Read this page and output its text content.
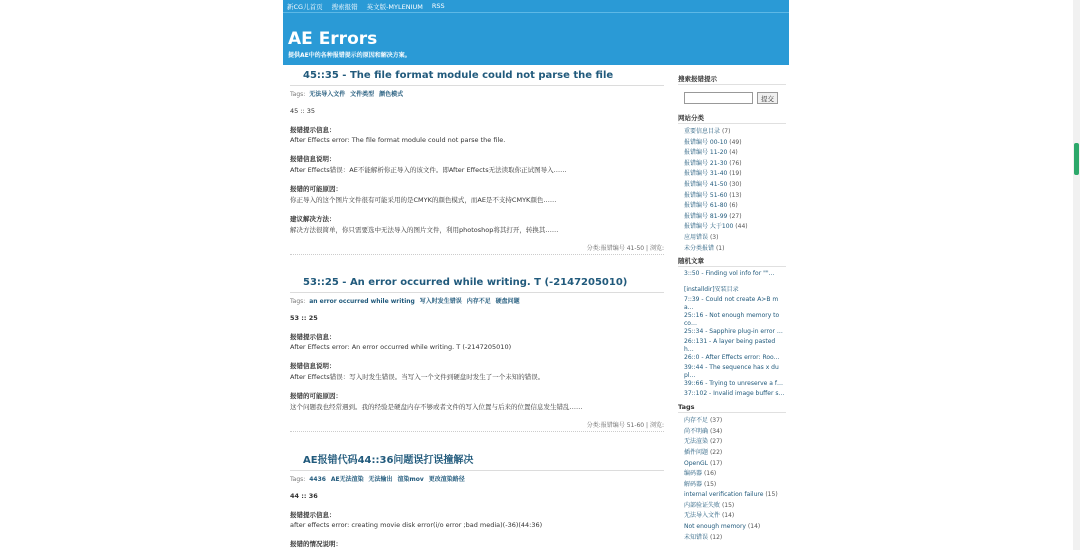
新CG儿首页 搜索报错 英文版-MYLENIUM RSS
AE Errors
提供AE中的各种报错提示的原因和解决方案。
45::35 - The file format module could not parse the file
Tags: 无法导入文件 文件类型 颜色模式
45 :: 35
报错提示信息：
After Effects error: The file format module could not parse the file.
报错信息说明：
After Effects错误：AE不能解析你正导入的该文件。即After Effects无法读取你正试图导入……
报错的可能原因：
你正导入的这个图片文件很有可能采用的是CMYK的颜色模式，而AE是不支持CMYK颜色……
建议解决方法：
解决方法很简单，你只需要选中无法导入的图片文件，利用photoshop将其打开，转换其……
分类:报错编号 41-50 | 浏览:
53::25 - An error occurred while writing. T (-2147205010)
Tags: an error occurred while writing 写入时发生错误 内存不足 硬盘问题
53 :: 25
报错提示信息：
After Effects error: An error occurred while writing. T (-2147205010)
报错信息说明：
After Effects错误：写入时发生错误。当写入一个文件到硬盘时发生了一个未知的错误。
报错的可能原因：
这个问题我也经常遇到。我的经验是硬盘内存不够或者文件的写入位置与后来的位置信息发生错乱……
分类:报错编号 51-60 | 浏览:
AE报错代码44::36问题误打误撞解决
Tags: 4436 AE无法渲染 无法输出 渲染mov 更改渲染路径
44 :: 36
报错提示信息：
after effects error: creating movie disk error(i/o error ;bad media)(-36)(44:36)
报错的情况说明：
搜索报错提示
提交
网站分类
重要信息目录 (7)
报错编号 00-10 (49)
报错编号 11-20 (4)
报错编号 21-30 (76)
报错编号 31-40 (19)
报错编号 41-50 (30)
报错编号 51-60 (13)
报错编号 61-80 (6)
报错编号 81-99 (27)
报错编号 大于100 (44)
应用错误 (3)
未分类报错 (1)
随机文章
3::50 - Finding vol info for ""…
[installdir]安装目录
7::39 - Could not create A>B m a…
25::16 - Not enough memory to co…
25::34 - Sapphire plug-in error …
26::131 - A layer being pasted h…
26::0 - After Effects error: Roo…
39::44 - The sequence has x du pl…
39::66 - Trying to unreserve a f…
37::102 - Invalid image buffer s…
Tags
内存不足 (37)
尚不明确 (34)
无法渲染 (27)
插件问题 (22)
OpenGL (17)
编码器 (16)
解码器 (15)
internal verification failure (15)
内部验证失败 (15)
无法导入文件 (14)
Not enough memory (14)
未知错误 (12)
